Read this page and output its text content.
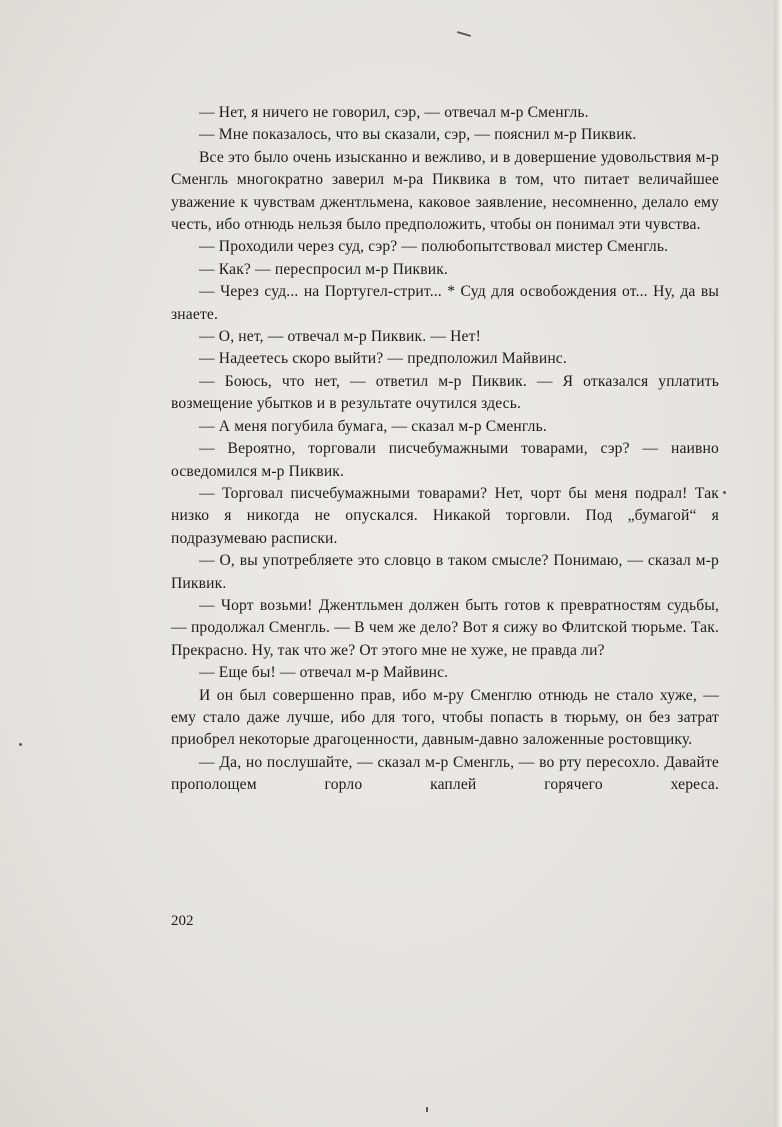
— Нет, я ничего не говорил, сэр, — отвечал м-р Сменгль.

— Мне показалось, что вы сказали, сэр, — пояснил м-р Пиквик.

Все это было очень изысканно и вежливо, и в довершение удовольствия м-р Сменгль многократно заверил м-ра Пиквика в том, что питает величайшее уважение к чувствам джентльмена, каковое заявление, несомненно, делало ему честь, ибо отнюдь нельзя было предположить, чтобы он понимал эти чувства.

— Проходили через суд, сэр? — полюбопытствовал мистер Сменгль.

— Как? — переспросил м-р Пиквик.

— Через суд... на Португел-стрит... * Суд для освобождения от... Ну, да вы знаете.

— О, нет, — отвечал м-р Пиквик. — Нет!

— Надеетесь скоро выйти? — предположил Майвинс.

— Боюсь, что нет, — ответил м-р Пиквик. — Я отказался уплатить возмещение убытков и в результате очутился здесь.

— А меня погубила бумага, — сказал м-р Сменгль.

— Вероятно, торговали писчебумажными товарами, сэр? — наивно осведомился м-р Пиквик.

— Торговал писчебумажными товарами? Нет, чорт бы меня подрал! Так низко я никогда не опускался. Никакой торговли. Под „бумагой“ я подразумеваю расписки.

— О, вы употребляете это словцо в таком смысле? Понимаю, — сказал м-р Пиквик.

— Чорт возьми! Джентльмен должен быть готов к превратностям судьбы, — продолжал Сменгль. — В чем же дело? Вот я сижу во Флитской тюрьме. Так. Прекрасно. Ну, так что же? От этого мне не хуже, не правда ли?

— Еще бы! — отвечал м-р Майвинс.

И он был совершенно прав, ибо м-ру Сменглю отнюдь не стало хуже, — ему стало даже лучше, ибо для того, чтобы попасть в тюрьму, он без затрат приобрел некоторые драгоценности, давным-давно заложенные ростовщику.

— Да, но послушайте, — сказал м-р Сменгль, — во рту пересохло. Давайте прополощем горло каплей горячего хереса.

202
